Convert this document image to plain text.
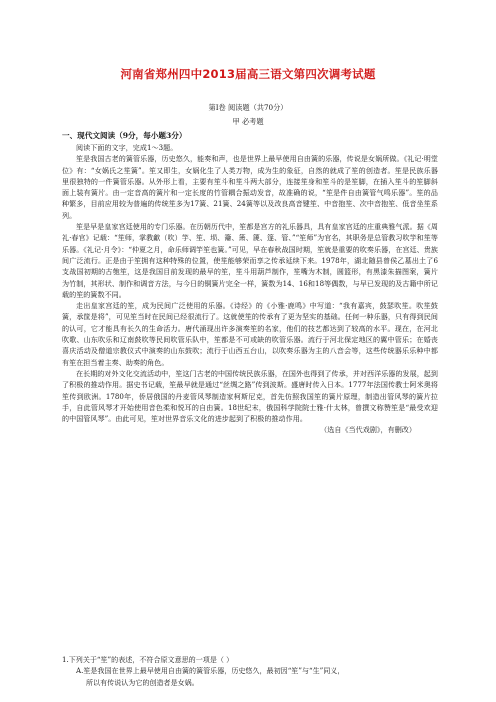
河南省郑州四中2013届高三语文第四次调考试题
第Ⅰ卷 阅读题（共70分）
甲 必考题
一、现代文阅读（9分，每小题3分）

阅读下面的文字，完成1～3题。

笙是我国古老的簧管乐器，历史悠久，能奏和声，也是世界上最早使用自由簧的乐器，传说是女娲所做。《礼记·明堂位》有：“女娲氏之笙簧”。笙又即生，女娲化生了人类万物，成为生的象征，自然的就成了笙的创造者。笙是民族乐器里很独特的一件簧管乐器。从外形上看，主要有笙斗和笙斗两大部分，连接笙身和笙斗的是笙脚，在插入笙斗的笙脚斜面上装有簧片。由一定音高的簧片和一定长度的竹管耦合振动发音，故准确的说，“笙是件自由簧管气鸣乐器”。笙的品种繁多，目前应用较为普遍的传统笙多为17簧、21簧、24簧等以及改良高音键笙、中音抱笙、次中音抱笙、低音坐笙系列。

笙是早是皇家宫廷使用的专门乐器。在历朝历代中，笙都是宫方的礼乐器具，具有皇家宫廷的庄重典雅气派。据《周礼·春官》记载：“笙师，掌教龡（吹）竽、笙、埙、籥、箫、篪、篴、管、”“笙师”为官名，其职务是总管教习吹竽和笙等乐器。《礼记·月令》：“仲夏之月，命乐师调竽笙也簧。”可见，早在春秋战国时期，笙就是重要的吹奏乐器，在宫廷、贵族间广泛流行。正是由于笙拥有这种特殊的位置，使笙能够荣而享之传承延续下来。1978年，湖北随县曾侯乙墓出土了6支战国初期的古匏笙，这是我国目前发现的最早的笙，笙斗用葫芦制作，笙嘴为木制，圆篮形，有黑漆朱描图案，簧片为竹制，其形状、制作和调音方法，与今日的铜簧片完全一样，簧数为14、16和18等偶数，与早已发现的及古籍中所记载的笙的簧数不同。

走出皇家宫廷的笙，成为民间广泛使用的乐器。《诗经》的《小雅·鹿鸣》中写道：“我有嘉宾，鼓瑟吹笙。吹笙鼓簧，承筐是将”，可见笙当时在民间已经很流行了。这就使笙的传承有了更为坚实的基础。任何一种乐器，只有得到民间的认可，它才能具有长久的生命活力。唐代涌现出许多演奏笙的名家，他们的技艺都达到了较高的水平。现在，在河北吹歌、山东吹乐和辽南鼓吹等民间吹管乐队中，笙都是不可或缺的吹管乐器。流行于河北保定地区的翼中管乐；在婚丧喜庆活动及僧道宗教仪式中演奏的山东鼓吹；流行于山西五台山，以吹奏乐器为主的八音会等，这些传统器乐乐种中都有笙在担当着主奏、助奏的角色。

在长期的对外文化交流活动中，笙这门古老的中国传统民族乐器，在国外也得到了传承，并对西洋乐器的发展，起到了积极的推动作用。据史书记载，笙最早就是通过“丝绸之路”传到波斯。盛唐时传入日本。1777年法国传教士阿米奥将笙传到欧洲。1780年，侨居俄国的丹麦管风琴制造家柯斯尼克，首先仿照我国笙的簧片原理，制造出管风琴的簧片拉手，自此管风琴才开始使用音色柔和悦耳的自由簧。18世纪末，俄国科学院院士雅·什太林，曾撰文称赞笙是“最受欢迎的中国管风琴”。由此可见，笙对世界音乐文化的进步起到了积极的推动作用。

（选自《当代戏剧》，有删改）

1.下列关于“笙”的表述，不符合原文意思的一项是（ ）
A.笙是我国在世界上最早使用自由簧的簧管乐器，历史悠久，最初因“笙”与“生”同义，
所以有传说认为它的创造者是女娲。
